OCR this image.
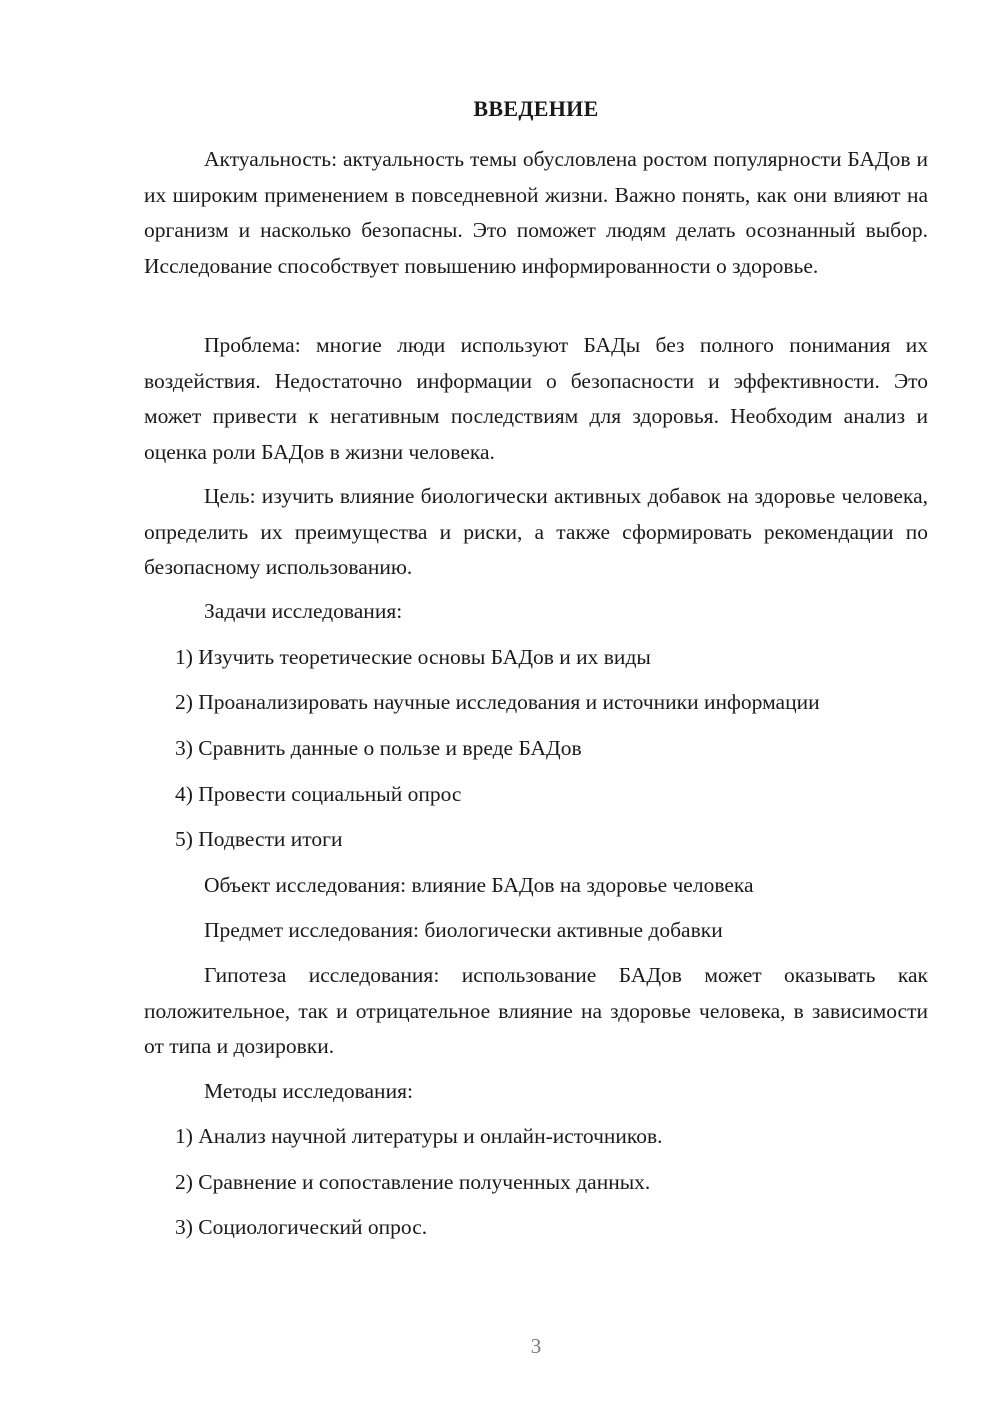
ВВЕДЕНИЕ
Актуальность: актуальность темы обусловлена ростом популярности БАДов и их широким применением в повседневной жизни. Важно понять, как они влияют на организм и насколько безопасны. Это поможет людям делать осознанный выбор. Исследование способствует повышению информированности о здоровье.
Проблема: многие люди используют БАДы без полного понимания их воздействия. Недостаточно информации о безопасности и эффективности. Это может привести к негативным последствиям для здоровья. Необходим анализ и оценка роли БАДов в жизни человека.
Цель: изучить влияние биологически активных добавок на здоровье человека, определить их преимущества и риски, а также сформировать рекомендации по безопасному использованию.
Задачи исследования:
1) Изучить теоретические основы БАДов и их виды
2) Проанализировать научные исследования и источники информации
3) Сравнить данные о пользе и вреде БАДов
4) Провести социальный опрос
5) Подвести итоги
Объект исследования: влияние БАДов на здоровье человека
Предмет исследования: биологически активные добавки
Гипотеза исследования: использование БАДов может оказывать как положительное, так и отрицательное влияние на здоровье человека, в зависимости от типа и дозировки.
Методы исследования:
1) Анализ научной литературы и онлайн-источников.
2) Сравнение и сопоставление полученных данных.
3) Социологический опрос.
3
